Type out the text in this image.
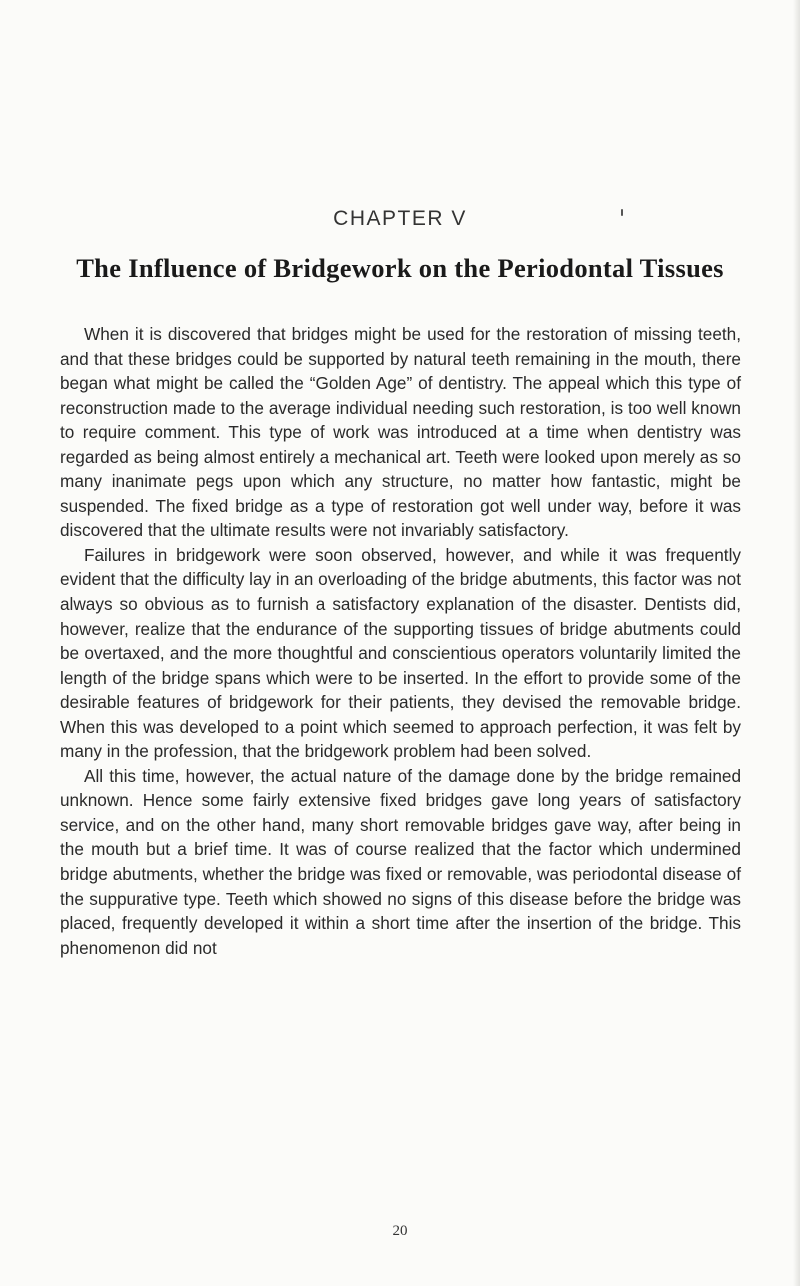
CHAPTER V
The Influence of Bridgework on the Periodontal Tissues

When it is discovered that bridges might be used for the restoration of missing teeth, and that these bridges could be supported by natural teeth remaining in the mouth, there began what might be called the “Golden Age” of dentistry. The appeal which this type of reconstruction made to the average individual needing such restoration, is too well known to require comment. This type of work was introduced at a time when dentistry was regarded as being almost entirely a mechanical art. Teeth were looked upon merely as so many inanimate pegs upon which any structure, no matter how fantastic, might be suspended. The fixed bridge as a type of restoration got well under way, before it was discovered that the ultimate results were not invariably satisfactory.

Failures in bridgework were soon observed, however, and while it was frequently evident that the difficulty lay in an overloading of the bridge abutments, this factor was not always so obvious as to furnish a satisfactory explanation of the disaster. Dentists did, however, realize that the endurance of the supporting tissues of bridge abutments could be overtaxed, and the more thoughtful and conscientious operators voluntarily limited the length of the bridge spans which were to be inserted. In the effort to provide some of the desirable features of bridgework for their patients, they devised the removable bridge. When this was developed to a point which seemed to approach perfection, it was felt by many in the profession, that the bridgework problem had been solved.

All this time, however, the actual nature of the damage done by the bridge remained unknown. Hence some fairly extensive fixed bridges gave long years of satisfactory service, and on the other hand, many short removable bridges gave way, after being in the mouth but a brief time. It was of course realized that the factor which undermined bridge abutments, whether the bridge was fixed or removable, was periodontal disease of the suppurative type. Teeth which showed no signs of this disease before the bridge was placed, frequently developed it within a short time after the insertion of the bridge. This phenomenon did not

20
